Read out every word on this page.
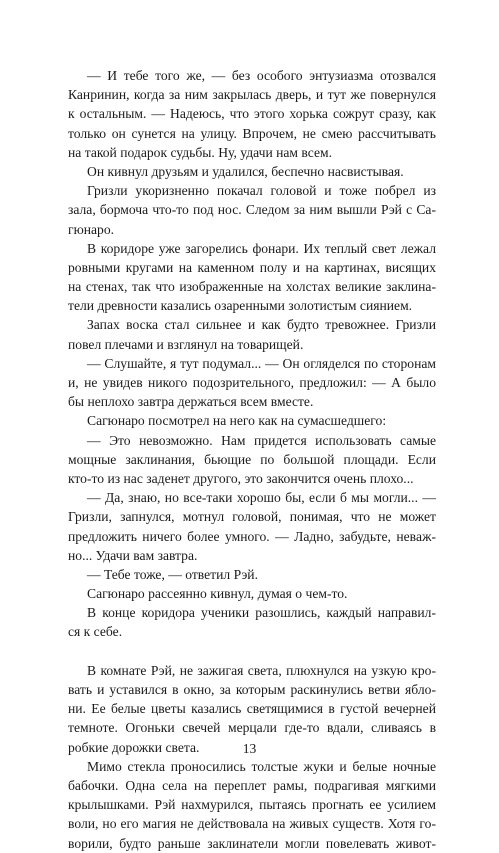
— И тебе того же, — без особого энтузиазма отозвался
Канринин, когда за ним закрылась дверь, и тут же повернулся
к остальным. — Надеюсь, что этого хорька сожрут сразу, как
только он сунется на улицу. Впрочем, не смею рассчитывать
на такой подарок судьбы. Ну, удачи нам всем.
Он кивнул друзьям и удалился, беспечно насвистывая.
Гризли укоризненно покачал головой и тоже побрел из
зала, бормоча что-то под нос. Следом за ним вышли Рэй с Са-
гюнаро.
В коридоре уже загорелись фонари. Их теплый свет лежал
ровными кругами на каменном полу и на картинах, висящих
на стенах, так что изображенные на холстах великие заклина-
тели древности казались озаренными золотистым сиянием.
Запах воска стал сильнее и как будто тревожнее. Гризли
повел плечами и взглянул на товарищей.
— Слушайте, я тут подумал... — Он огляделся по сторонам
и, не увидев никого подозрительного, предложил: — А было
бы неплохо завтра держаться всем вместе.
Сагюнаро посмотрел на него как на сумасшедшего:
— Это невозможно. Нам придется использовать самые
мощные заклинания, бьющие по большой площади. Если
кто-то из нас заденет другого, это закончится очень плохо...
— Да, знаю, но все-таки хорошо бы, если б мы могли... —
Гризли, запнулся, мотнул головой, понимая, что не может
предложить ничего более умного. — Ладно, забудьте, невaж-
но... Удачи вам завтра.
— Тебе тоже, — ответил Рэй.
Сагюнаро рассеянно кивнул, думая о чем-то.
В конце коридора ученики разошлись, каждый направил-
ся к себе.
В комнате Рэй, не зажигая света, плюхнулся на узкую кро-
вать и уставился в окно, за которым раскинулись ветви ябло-
ни. Ее белые цветы казались светящимися в густой вечерней
темноте. Огоньки свечей мерцали где-то вдали, сливаясь в
робкие дорожки света.
Мимо стекла проносились толстые жуки и белые ночные
бабочки. Одна села на переплет рамы, подрагивая мягкими
крылышками. Рэй нахмурился, пытаясь прогнать ее усилием
воли, но его магия не действовала на живых существ. Хотя го-
ворили, будто раньше заклинатели могли повелевать живот-
13
